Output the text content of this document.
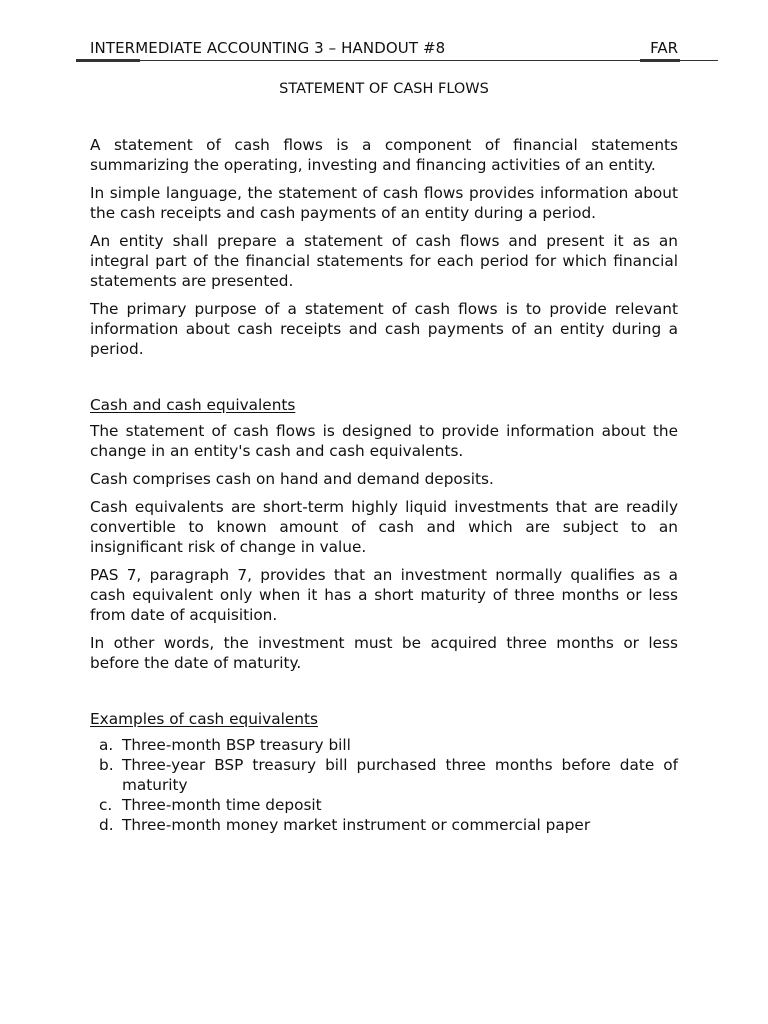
INTERMEDIATE ACCOUNTING 3 – HANDOUT #8	FAR
STATEMENT OF CASH FLOWS

A statement of cash flows is a component of financial statements summarizing the operating, investing and financing activities of an entity.

In simple language, the statement of cash flows provides information about the cash receipts and cash payments of an entity during a period.

An entity shall prepare a statement of cash flows and present it as an integral part of the financial statements for each period for which financial statements are presented.

The primary purpose of a statement of cash flows is to provide relevant information about cash receipts and cash payments of an entity during a period.

Cash and cash equivalents

The statement of cash flows is designed to provide information about the change in an entity's cash and cash equivalents.

Cash comprises cash on hand and demand deposits.

Cash equivalents are short-term highly liquid investments that are readily convertible to known amount of cash and which are subject to an insignificant risk of change in value.

PAS 7, paragraph 7, provides that an investment normally qualifies as a cash equivalent only when it has a short maturity of three months or less from date of acquisition.

In other words, the investment must be acquired three months or less before the date of maturity.

Examples of cash equivalents
a. Three-month BSP treasury bill
b. Three-year BSP treasury bill purchased three months before date of maturity
c. Three-month time deposit
d. Three-month money market instrument or commercial paper
